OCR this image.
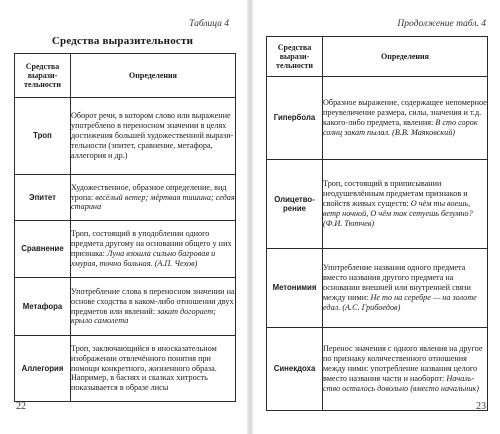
Таблица 4
Средства выразительности
Средства вырази-тельности	Определения
Троп	Оборот речи, в котором слово или выражение употреблено в переносном значении в целях достижения большей художественной выразительности (эпитет, сравнение, метафора, аллегория и др.)
Эпитет	Художественное, образное определение, вид тропа: весёлый ветер; мёртвая тишина; седая старина
Сравнение	Троп, состоящий в уподоблении одного предмета другому на основании общего у них признака: Луна взошла сильно багровая и хмурая, точно больная. (А.П. Чехов)
Метафора	Употребление слова в переносном значении на основе сходства в каком-либо отношении двух предметов или явлений: закат догорает; крыло самолета
Аллегория	Троп, заключающийся в иносказательном изображении отвлечённого понятия при помощи конкретного, жизненного образа. Например, в баснях и сказках хитрость показывается в образе лисы
22
Продолжение табл. 4
Средства вырази-тельности	Определения
Гипербола	Образное выражение, содержащее непомерное преувеличение размера, силы, значения и т.д. какого-либо предмета, явления: В сто сорок солнц закат пылал. (В.В. Маяковский)
Олицетворение	Троп, состоящий в приписывании неодушевлённым предметам признаков и свойств живых существ: О чём ты воешь, ветр ночной, О чём так сетуешь безумно? (Ф.И. Тютчев)
Метонимия	Употребление названия одного предмета вместо названия другого предмета на основании внешней или внутренней связи между ними: Не то на серебре — на золоте едал. (А.С. Грибоедов)
Синекдоха	Перенос значения с одного явления на другое по признаку количественного отношения между ними: употребление названия целого вместо названия части и наоборот: Начальство осталось довольно (вместо начальник)
23
